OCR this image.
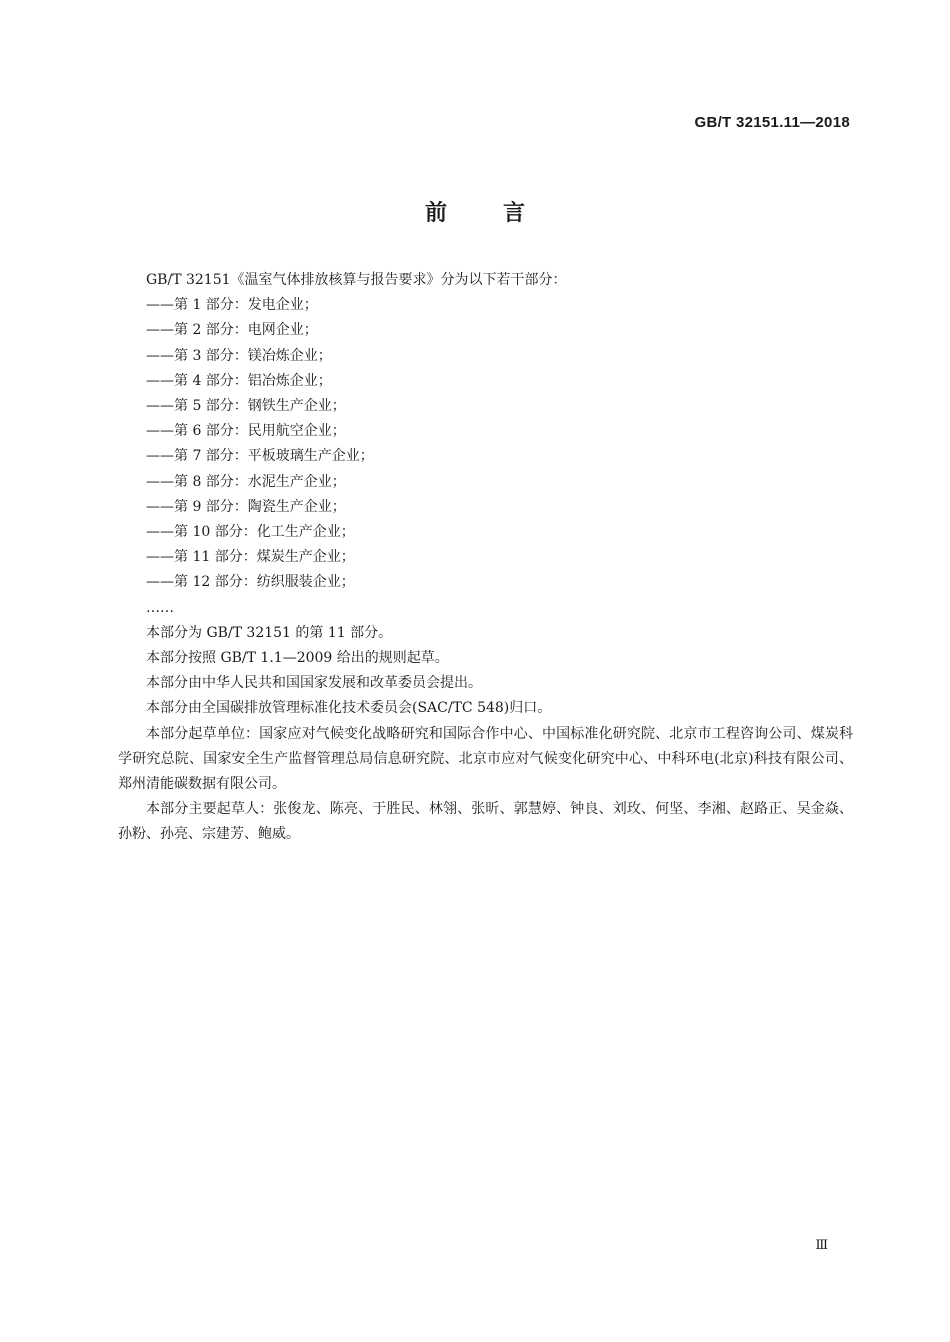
GB/T 32151.11—2018
前言

GB/T 32151《温室气体排放核算与报告要求》分为以下若干部分：

——第 1 部分：发电企业；

——第 2 部分：电网企业；

——第 3 部分：镁冶炼企业；

——第 4 部分：铝冶炼企业；

——第 5 部分：钢铁生产企业；

——第 6 部分：民用航空企业；

——第 7 部分：平板玻璃生产企业；

——第 8 部分：水泥生产企业；

——第 9 部分：陶瓷生产企业；

——第 10 部分：化工生产企业；

——第 11 部分：煤炭生产企业；

——第 12 部分：纺织服装企业；

……

本部分为 GB/T 32151 的第 11 部分。

本部分按照 GB/T 1.1—2009 给出的规则起草。

本部分由中华人民共和国国家发展和改革委员会提出。

本部分由全国碳排放管理标准化技术委员会(SAC/TC 548)归口。

本部分起草单位：国家应对气候变化战略研究和国际合作中心、中国标准化研究院、北京市工程咨询公司、煤炭科学研究总院、国家安全生产监督管理总局信息研究院、北京市应对气候变化研究中心、中科环电(北京)科技有限公司、郑州清能碳数据有限公司。

本部分主要起草人：张俊龙、陈亮、于胜民、林翎、张昕、郭慧婷、钟良、刘玫、何坚、李湘、赵路正、吴金焱、孙粉、孙亮、宗建芳、鲍威。

Ⅲ
